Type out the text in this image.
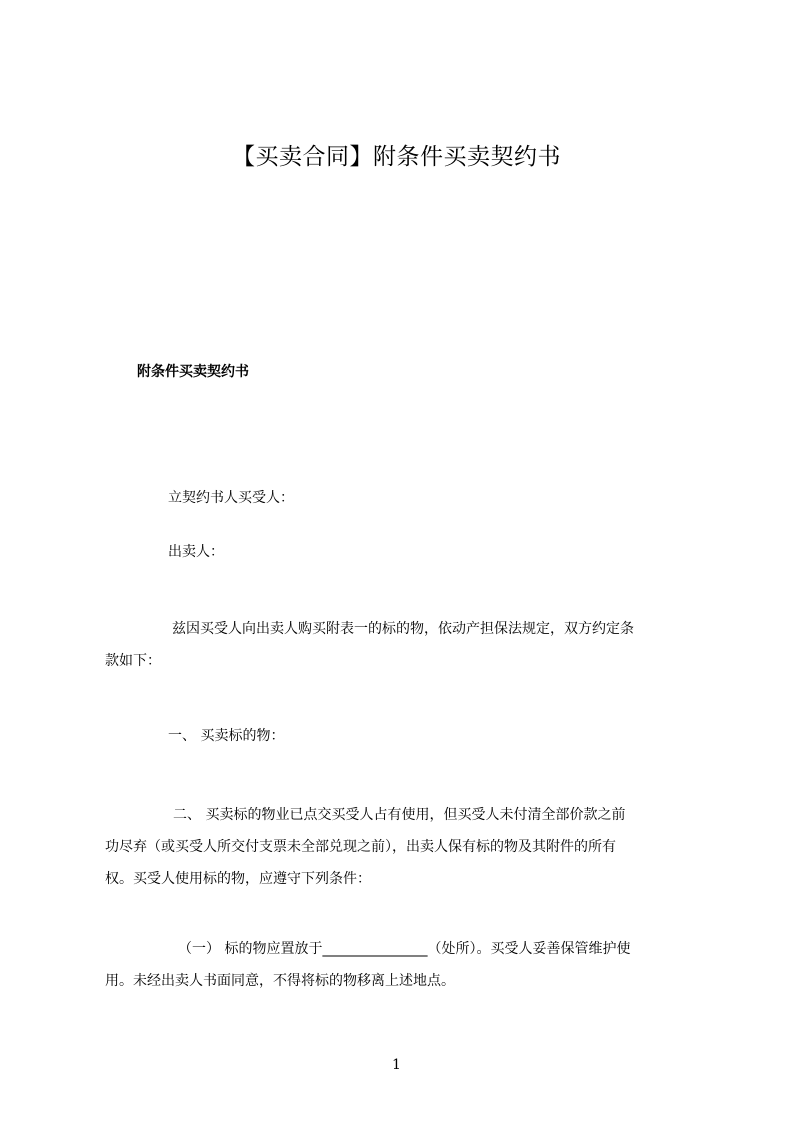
【买卖合同】附条件买卖契约书
附条件买卖契约书
立契约书人买受人：
出卖人：
兹因买受人向出卖人购买附表一的标的物，依动产担保法规定，双方约定条
款如下：
一、 买卖标的物：
二、 买卖标的物业已点交买受人占有使用，但买受人未付清全部价款之前
功尽弃（或买受人所交付支票未全部兑现之前），出卖人保有标的物及其附件的所有
权。买受人使用标的物，应遵守下列条件：
（一） 标的物应置放于_______________（处所）。买受人妥善保管维护使
用。未经出卖人书面同意，不得将标的物移离上述地点。
1
